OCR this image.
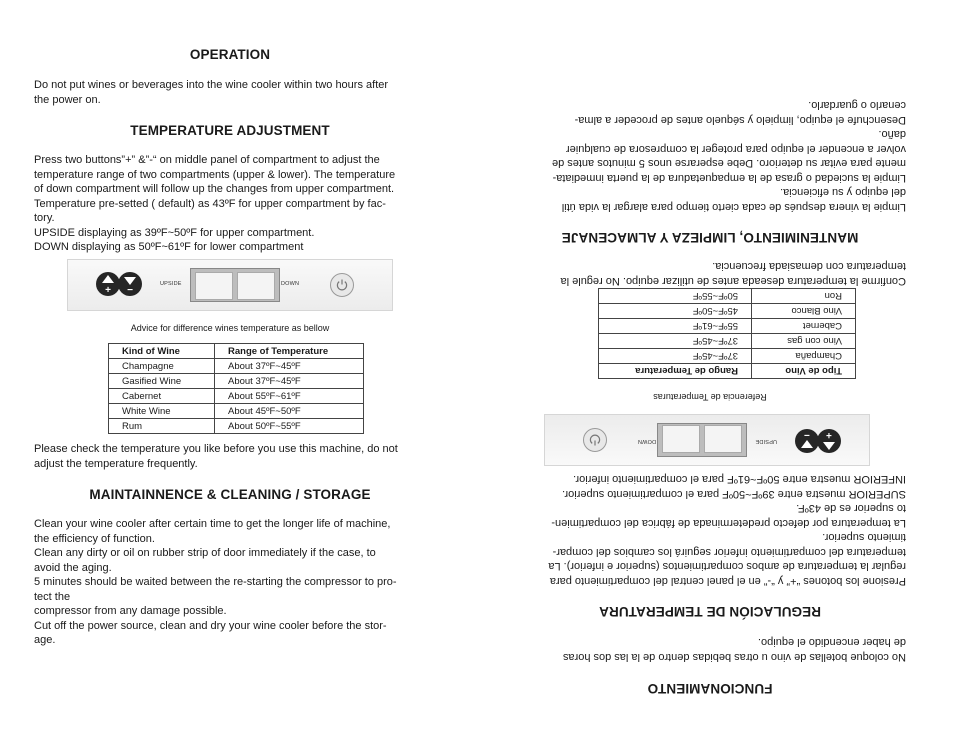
OPERATION

Do not put wines or beverages into the wine cooler within two hours after
the power on.

TEMPERATURE ADJUSTMENT

Press two buttons”+” &”-“ on middle panel of compartment to adjust the
temperature range of two compartments (upper & lower). The temperature
of down compartment will follow up the changes from upper compartment.
Temperature pre-setted ( default) as 43ºF for upper compartment by fac-
tory.
UPSIDE displaying as 39ºF~50ºF for upper compartment.
DOWN displaying as 50ºF~61ºF for lower compartment

+	−
UPSIDE	DOWN
Advice for difference wines temperature as bellow
Kind of Wine	Range of Temperature
Champagne	About 37ºF~45ºF
Gasified Wine	About 37ºF~45ºF
Cabernet	About 55ºF~61ºF
White Wine	About 45ºF~50ºF
Rum	About 50ºF~55ºF

Please check the temperature you like before you use this machine, do not
adjust the temperature frequently.

MAINTAINNENCE & CLEANING / STORAGE

Clean your wine cooler after certain time to get the longer life of machine,
the efficiency of function.
Clean any dirty or oil on rubber strip of door immediately if the case, to
avoid the aging.
5 minutes should be waited between the re-starting the compressor to pro-
tect the
compressor from any damage possible.
Cut off the power source, clean and dry your wine cooler before the stor-
age.

FUNCIONAMIENTO

No coloque botellas de vino u otras bebidas dentro de la las dos horas
de haber encendido el equipo.

REGULACIÓN DE TEMPERATURA

Presione los botones “+” y “-” en el panel central del compartimiento para
regular la temperatura de ambos compartimientos (superior e inferior). La
temperatura del compartimiento inferior seguirá los cambios del compar-
timiento superior.
La temperatura por defecto predeterminada de fábrica del compartimien-
to superior es de 43ºF.
SUPERIOR muestra entre 39ºF~50ºF para el compartimiento superior.
INFERIOR muestra entre 50ºF~61ºF para el compartimiento inferior.

+
−
UPSIDE
DOWN
Referencia de Temperaturas
Tipo de Vino	Rango de Temperatura
Champaña	37ºF~45ºF
Vino con gas	37ºF~45ºF
Cabernet	55ºF~61ºF
Vino Blanco	45ºF~50ºF
Ron	50ºF~55ºF

Confirme la temperatura deseada antes de utilizar equipo. No regule la
temperatura con demasiada frecuencia.

MANTENIMIENTO, LIMPIEZA Y ALMACENAJE

Limpie la vinera después de cada cierto tiempo para alargar la vida útil
del equipo y su eficiencia.
Limpie la suciedad o grasa de la empaquetadura de la puerta inmediata-
mente para evitar su deterioro. Debe esperarse unos 5 minutos antes de
volver a encender el equipo para proteger la compresora de cualquier
daño.
Desenchufe el equipo, limpielo y séquelo antes de proceder a alma-
cenarlo o guardarlo.
